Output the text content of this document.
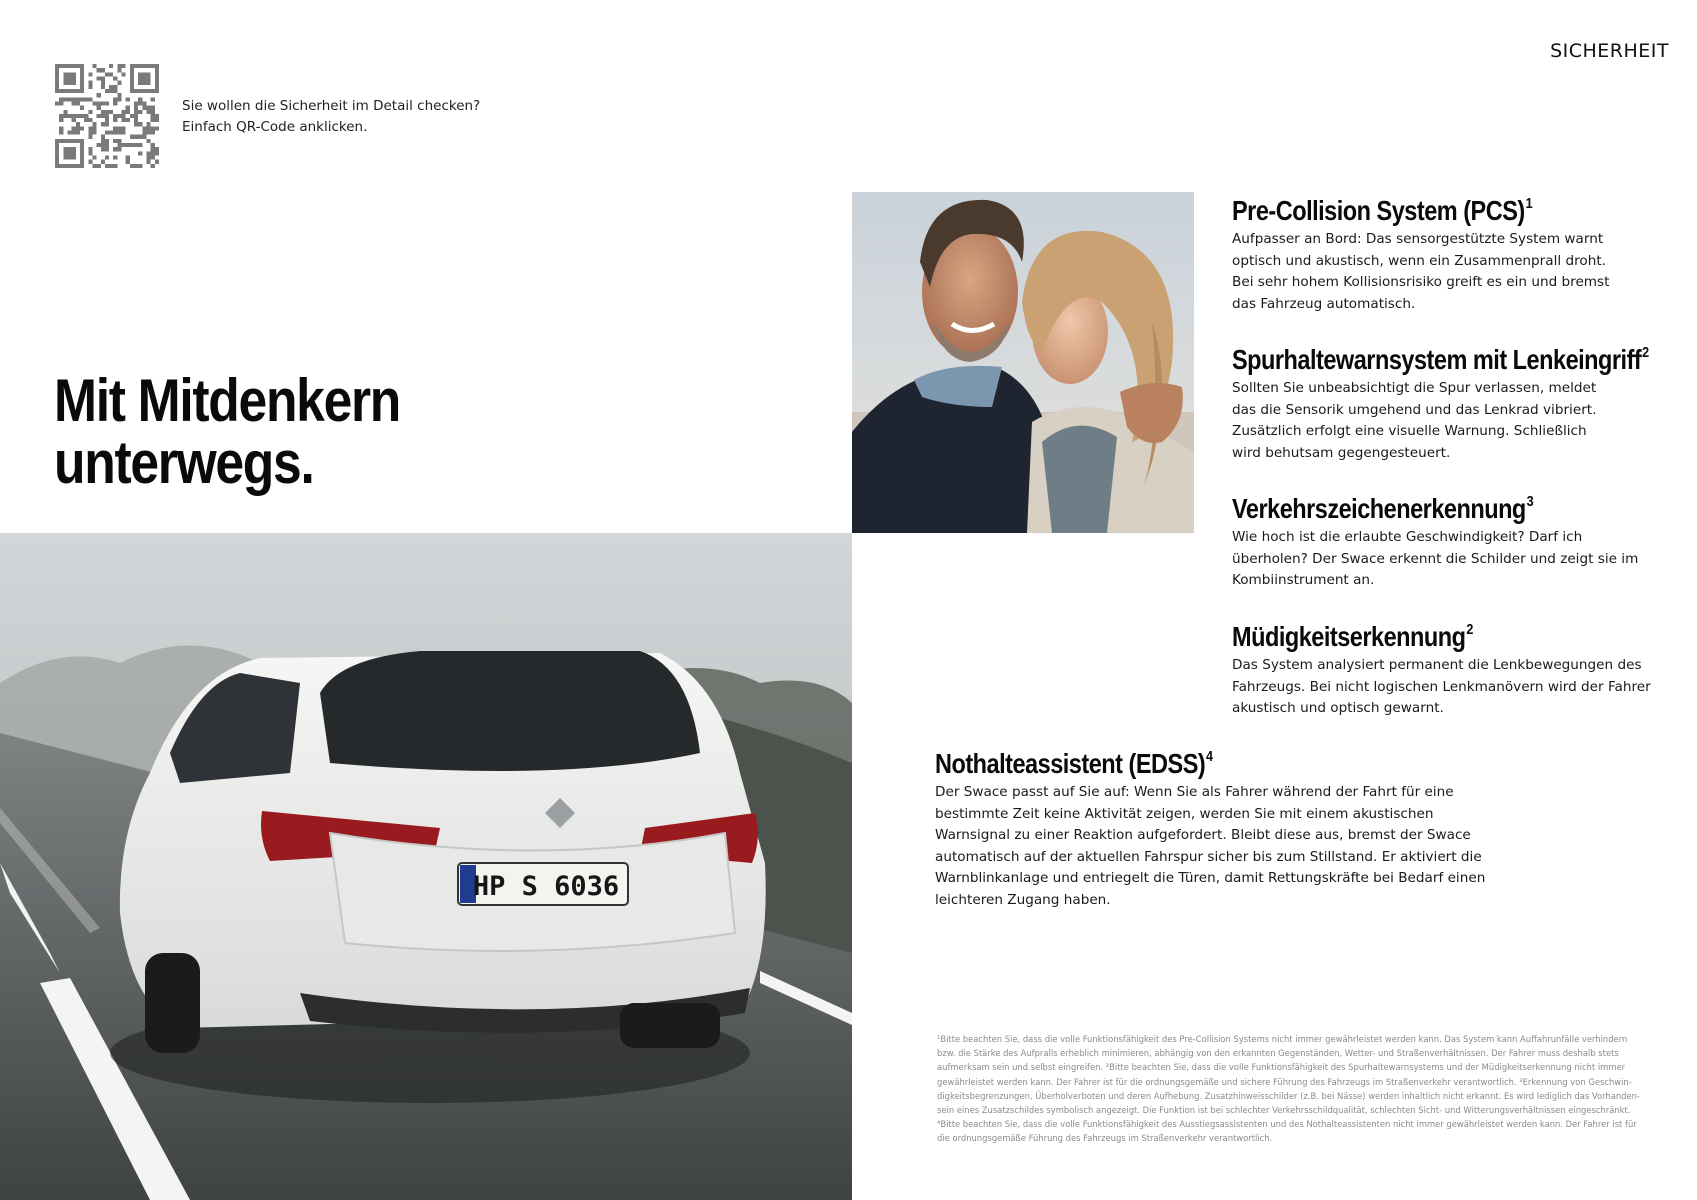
SICHERHEIT
Sie wollen die Sicherheit im Detail checken?
Einfach QR-Code anklicken.
Mit Mitdenkern
unterwegs.
HP S 6036
Pre-Collision System (PCS)$^1$
Aufpasser an Bord: Das sensorgestützte System warnt
optisch und akustisch, wenn ein Zusammenprall droht.
Bei sehr hohem Kollisionsrisiko greift es ein und bremst
das Fahrzeug automatisch.
Spurhaltewarnsystem mit Lenkeingriff$^2$
Sollten Sie unbeabsichtigt die Spur verlassen, meldet
das die Sensorik umgehend und das Lenkrad vibriert.
Zusätzlich erfolgt eine visuelle Warnung. Schließlich
wird behutsam gegengesteuert.
Verkehrszeichenerkennung$^3$
Wie hoch ist die erlaubte Geschwindigkeit? Darf ich
überholen? Der Swace erkennt die Schilder und zeigt sie im
Kombiinstrument an.
Müdigkeitserkennung$^2$
Das System analysiert permanent die Lenkbewegungen des
Fahrzeugs. Bei nicht logischen Lenkmanövern wird der Fahrer
akustisch und optisch gewarnt.
Nothalteassistent (EDSS)$^4$
Der Swace passt auf Sie auf: Wenn Sie als Fahrer während der Fahrt für eine
bestimmte Zeit keine Aktivität zeigen, werden Sie mit einem akustischen
Warnsignal zu einer Reaktion aufgefordert. Bleibt diese aus, bremst der Swace
automatisch auf der aktuellen Fahrspur sicher bis zum Stillstand. Er aktiviert die
Warnblinkanlage und entriegelt die Türen, damit Rettungskräfte bei Bedarf einen
leichteren Zugang haben.
¹Bitte beachten Sie, dass die volle Funktionsfähigkeit des Pre-Collision Systems nicht immer gewährleistet werden kann. Das System kann Auffahrunfälle verhindern
bzw. die Stärke des Aufpralls erheblich minimieren, abhängig von den erkannten Gegenständen, Wetter- und Straßenverhältnissen. Der Fahrer muss deshalb stets
aufmerksam sein und selbst eingreifen. ²Bitte beachten Sie, dass die volle Funktionsfähigkeit des Spurhaltewarnsystems und der Müdigkeitserkennung nicht immer
gewährleistet werden kann. Der Fahrer ist für die ordnungsgemäße und sichere Führung des Fahrzeugs im Straßenverkehr verantwortlich. ³Erkennung von Geschwin-
digkeitsbegrenzungen, Überholverboten und deren Aufhebung. Zusatzhinweisschilder (z.B. bei Nässe) werden inhaltlich nicht erkannt. Es wird lediglich das Vorhanden-
sein eines Zusatzschildes symbolisch angezeigt. Die Funktion ist bei schlechter Verkehrsschildqualität, schlechten Sicht- und Witterungsverhältnissen eingeschränkt.
⁴Bitte beachten Sie, dass die volle Funktionsfähigkeit des Ausstiegsassistenten und des Nothalteassistenten nicht immer gewährleistet werden kann. Der Fahrer ist für
die ordnungsgemäße Führung des Fahrzeugs im Straßenverkehr verantwortlich.
